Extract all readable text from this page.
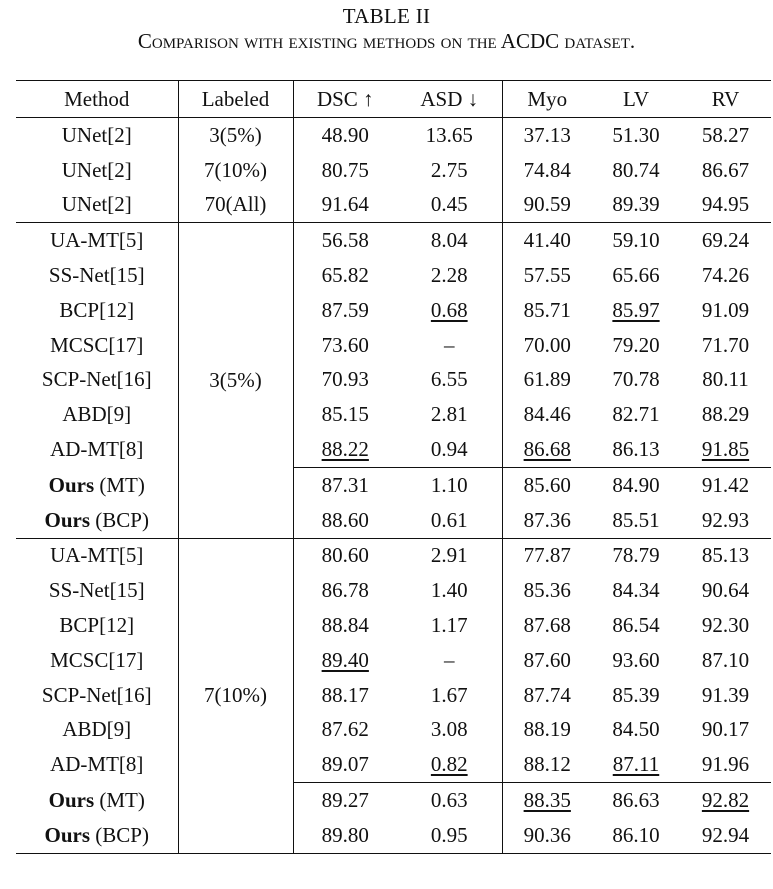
TABLE II
Comparison with existing methods on the ACDC dataset.
Method	Labeled	DSC ↑	ASD ↓	Myo	LV	RV
UNet[2]	3(5%)	48.90	13.65	37.13	51.30	58.27
UNet[2]	7(10%)	80.75	2.75	74.84	80.74	86.67
UNet[2]	70(All)	91.64	0.45	90.59	89.39	94.95
UA-MT[5]	3(5%)	56.58	8.04	41.40	59.10	69.24
SS-Net[15]		65.82	2.28	57.55	65.66	74.26
BCP[12]		87.59	0.68	85.71	85.97	91.09
MCSC[17]		73.60	–	70.00	79.20	71.70
SCP-Net[16]		70.93	6.55	61.89	70.78	80.11
ABD[9]		85.15	2.81	84.46	82.71	88.29
AD-MT[8]		88.22	0.94	86.68	86.13	91.85
Ours (MT)		87.31	1.10	85.60	84.90	91.42
Ours (BCP)		88.60	0.61	87.36	85.51	92.93
UA-MT[5]	7(10%)	80.60	2.91	77.87	78.79	85.13
SS-Net[15]		86.78	1.40	85.36	84.34	90.64
BCP[12]		88.84	1.17	87.68	86.54	92.30
MCSC[17]		89.40	–	87.60	93.60	87.10
SCP-Net[16]		88.17	1.67	87.74	85.39	91.39
ABD[9]		87.62	3.08	88.19	84.50	90.17
AD-MT[8]		89.07	0.82	88.12	87.11	91.96
Ours (MT)		89.27	0.63	88.35	86.63	92.82
Ours (BCP)		89.80	0.95	90.36	86.10	92.94
